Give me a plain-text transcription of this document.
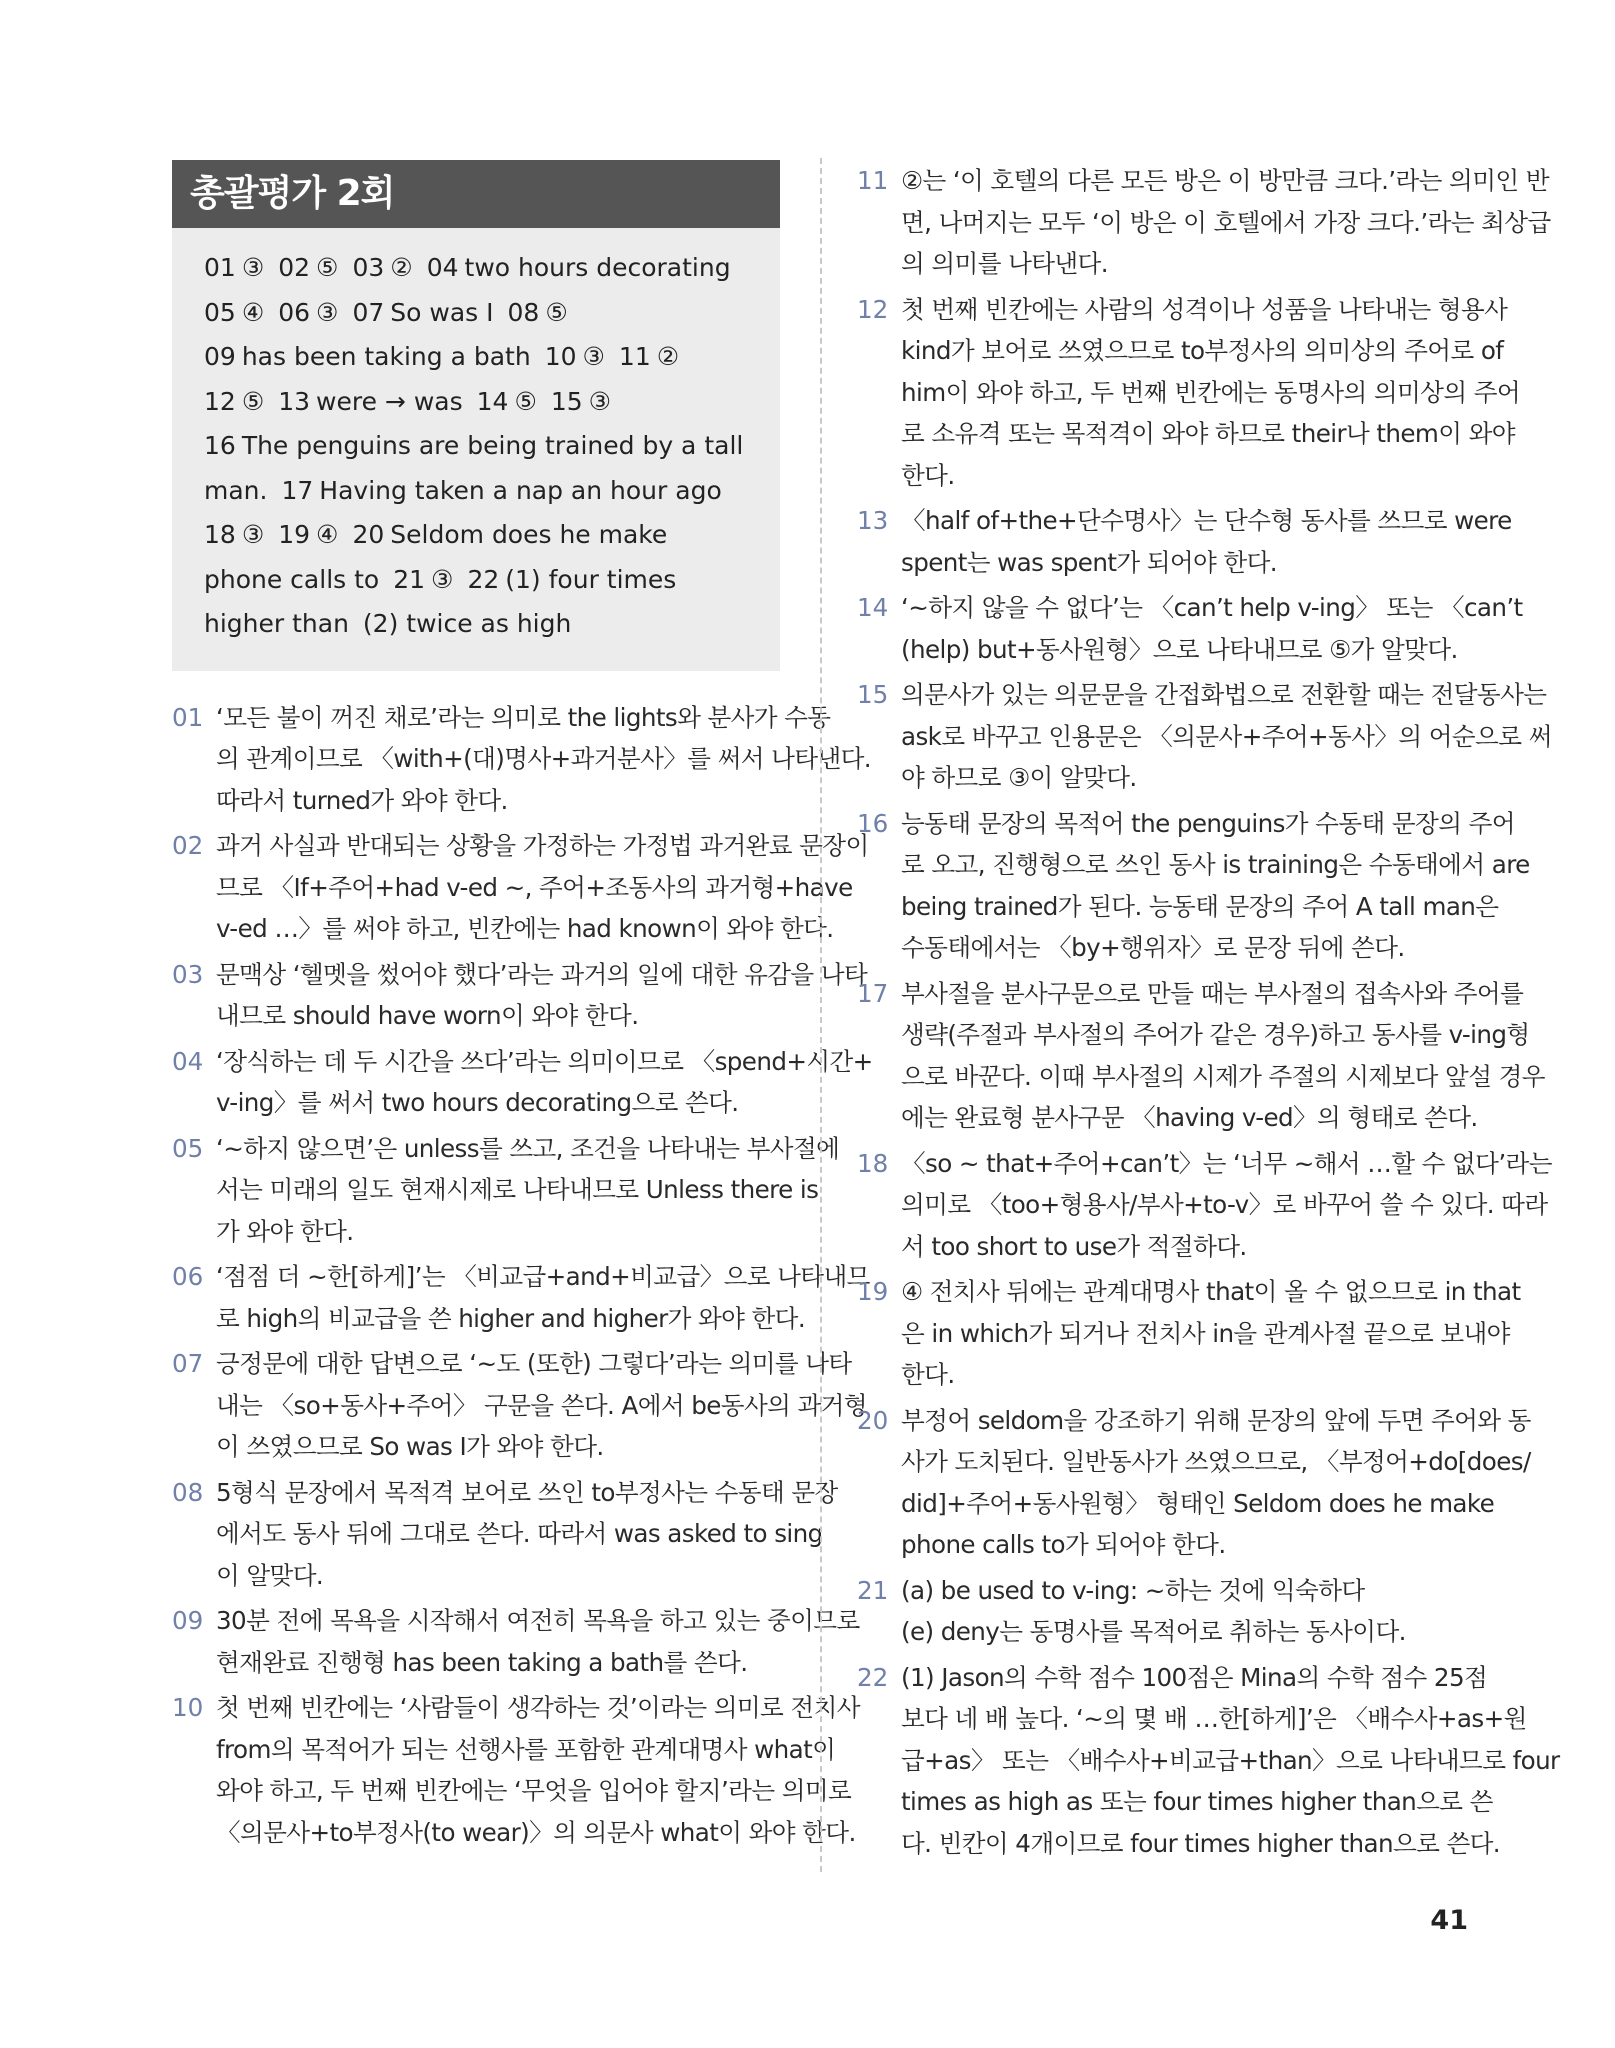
총괄평가 2회
01 ③ 02 ⑤ 03 ② 04 two hours decorating
05 ④ 06 ③ 07 So was I 08 ⑤
09 has been taking a bath 10 ③ 11 ②
12 ⑤ 13 were → was 14 ⑤ 15 ③
16 The penguins are being trained by a tall
man. 17 Having taken a nap an hour ago
18 ③ 19 ④ 20 Seldom does he make
phone calls to 21 ③ 22 (1) four times
higher than (2) twice as high
01 ‘모든 불이 꺼진 채로’라는 의미로 the lights와 분사가 수동
의 관계이므로 〈with+(대)명사+과거분사〉를 써서 나타낸다.
따라서 turned가 와야 한다.
02 과거 사실과 반대되는 상황을 가정하는 가정법 과거완료 문장이
므로 〈If+주어+had v-ed ~, 주어+조동사의 과거형+have
v-ed …〉를 써야 하고, 빈칸에는 had known이 와야 한다.
03 문맥상 ‘헬멧을 썼어야 했다’라는 과거의 일에 대한 유감을 나타
내므로 should have worn이 와야 한다.
04 ‘장식하는 데 두 시간을 쓰다’라는 의미이므로 〈spend+시간+
v-ing〉를 써서 two hours decorating으로 쓴다.
05 ‘~하지 않으면’은 unless를 쓰고, 조건을 나타내는 부사절에
서는 미래의 일도 현재시제로 나타내므로 Unless there is
가 와야 한다.
06 ‘점점 더 ~한[하게]’는 〈비교급+and+비교급〉으로 나타내므
로 high의 비교급을 쓴 higher and higher가 와야 한다.
07 긍정문에 대한 답변으로 ‘~도 (또한) 그렇다’라는 의미를 나타
내는 〈so+동사+주어〉 구문을 쓴다. A에서 be동사의 과거형
이 쓰였으므로 So was I가 와야 한다.
08 5형식 문장에서 목적격 보어로 쓰인 to부정사는 수동태 문장
에서도 동사 뒤에 그대로 쓴다. 따라서 was asked to sing
이 알맞다.
09 30분 전에 목욕을 시작해서 여전히 목욕을 하고 있는 중이므로
현재완료 진행형 has been taking a bath를 쓴다.
10 첫 번째 빈칸에는 ‘사람들이 생각하는 것’이라는 의미로 전치사
from의 목적어가 되는 선행사를 포함한 관계대명사 what이
와야 하고, 두 번째 빈칸에는 ‘무엇을 입어야 할지’라는 의미로
〈의문사+to부정사(to wear)〉의 의문사 what이 와야 한다.
11 ②는 ‘이 호텔의 다른 모든 방은 이 방만큼 크다.’라는 의미인 반
면, 나머지는 모두 ‘이 방은 이 호텔에서 가장 크다.’라는 최상급
의 의미를 나타낸다.
12 첫 번째 빈칸에는 사람의 성격이나 성품을 나타내는 형용사
kind가 보어로 쓰였으므로 to부정사의 의미상의 주어로 of
him이 와야 하고, 두 번째 빈칸에는 동명사의 의미상의 주어
로 소유격 또는 목적격이 와야 하므로 their나 them이 와야
한다.
13 〈half of+the+단수명사〉는 단수형 동사를 쓰므로 were
spent는 was spent가 되어야 한다.
14 ‘~하지 않을 수 없다’는 〈can’t help v-ing〉 또는 〈can’t
(help) but+동사원형〉으로 나타내므로 ⑤가 알맞다.
15 의문사가 있는 의문문을 간접화법으로 전환할 때는 전달동사는
ask로 바꾸고 인용문은 〈의문사+주어+동사〉의 어순으로 써
야 하므로 ③이 알맞다.
16 능동태 문장의 목적어 the penguins가 수동태 문장의 주어
로 오고, 진행형으로 쓰인 동사 is training은 수동태에서 are
being trained가 된다. 능동태 문장의 주어 A tall man은
수동태에서는 〈by+행위자〉로 문장 뒤에 쓴다.
17 부사절을 분사구문으로 만들 때는 부사절의 접속사와 주어를
생략(주절과 부사절의 주어가 같은 경우)하고 동사를 v-ing형
으로 바꾼다. 이때 부사절의 시제가 주절의 시제보다 앞설 경우
에는 완료형 분사구문 〈having v-ed〉의 형태로 쓴다.
18 〈so ~ that+주어+can’t〉는 ‘너무 ~해서 …할 수 없다’라는
의미로 〈too+형용사/부사+to-v〉로 바꾸어 쓸 수 있다. 따라
서 too short to use가 적절하다.
19 ④ 전치사 뒤에는 관계대명사 that이 올 수 없으므로 in that
은 in which가 되거나 전치사 in을 관계사절 끝으로 보내야
한다.
20 부정어 seldom을 강조하기 위해 문장의 앞에 두면 주어와 동
사가 도치된다. 일반동사가 쓰였으므로, 〈부정어+do[does/
did]+주어+동사원형〉 형태인 Seldom does he make
phone calls to가 되어야 한다.
21 (a) be used to v-ing: ~하는 것에 익숙하다
(e) deny는 동명사를 목적어로 취하는 동사이다.
22 (1) Jason의 수학 점수 100점은 Mina의 수학 점수 25점
보다 네 배 높다. ‘~의 몇 배 …한[하게]’은 〈배수사+as+원
급+as〉 또는 〈배수사+비교급+than〉으로 나타내므로 four
times as high as 또는 four times higher than으로 쓴
다. 빈칸이 4개이므로 four times higher than으로 쓴다.
41
